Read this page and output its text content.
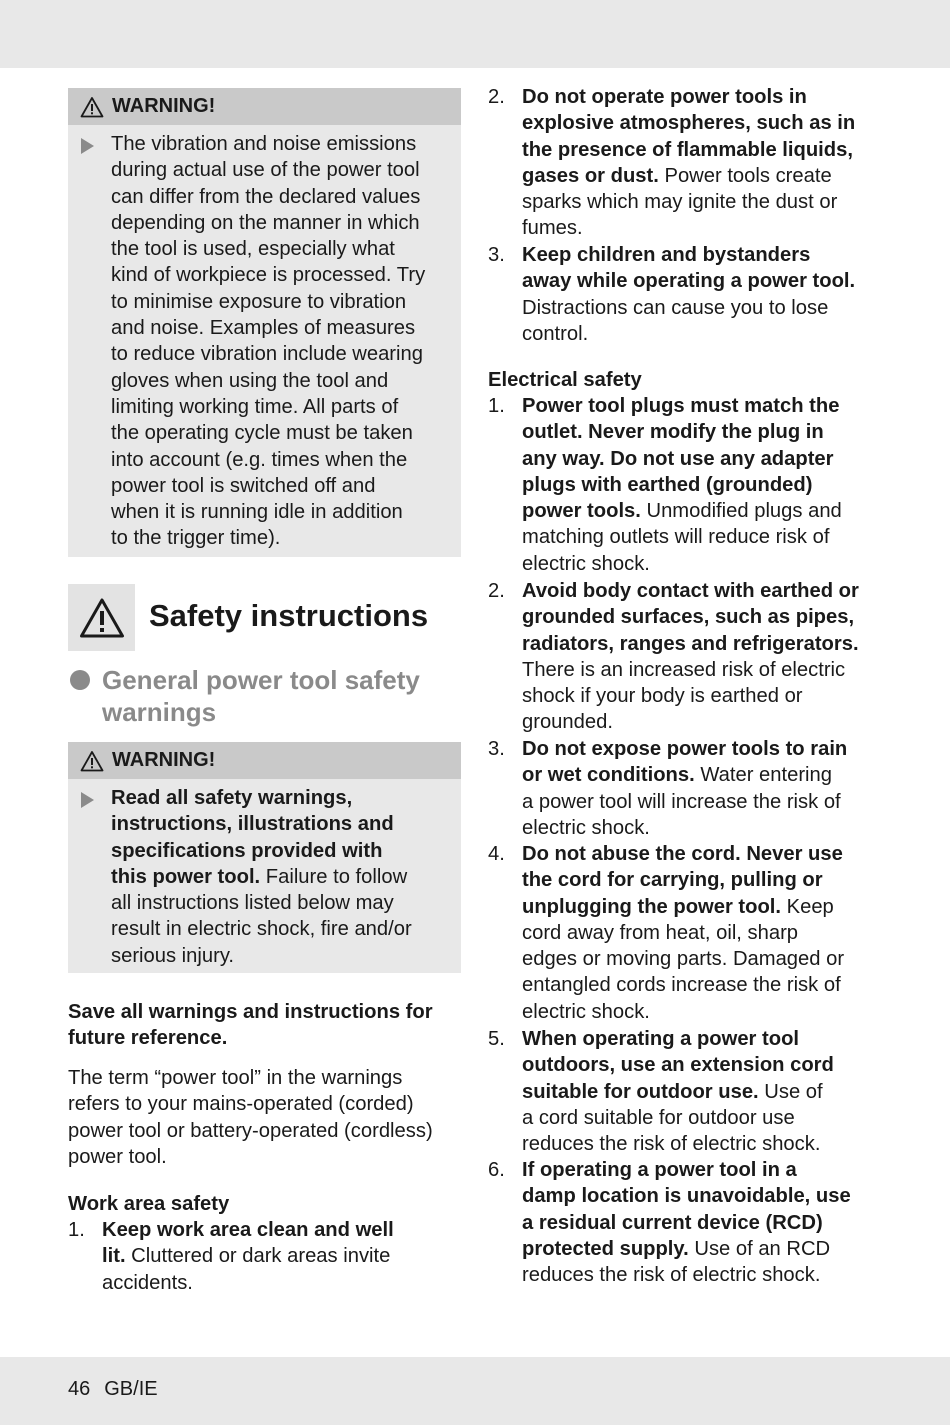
WARNING!
The vibration and noise emissions
during actual use of the power tool
can differ from the declared values
depending on the manner in which
the tool is used, especially what
kind of workpiece is processed. Try
to minimise exposure to vibration
and noise. Examples of measures
to reduce vibration include wearing
gloves when using the tool and
limiting working time. All parts of
the operating cycle must be taken
into account (e.g. times when the
power tool is switched off and
when it is running idle in addition
to the trigger time).
Safety instructions
General power tool safety
warnings
WARNING!
Read all safety warnings,
instructions, illustrations and
specifications provided with
this power tool. Failure to follow
all instructions listed below may
result in electric shock, fire and/or
serious injury.
Save all warnings and instructions for
future reference.
The term “power tool” in the warnings
refers to your mains-operated (corded)
power tool or battery-operated (cordless)
power tool.
Work area safety
1. Keep work area clean and well
lit. Cluttered or dark areas invite
accidents.
2. Do not operate power tools in
explosive atmospheres, such as in
the presence of flammable liquids,
gases or dust. Power tools create
sparks which may ignite the dust or
fumes.
3. Keep children and bystanders
away while operating a power tool.
Distractions can cause you to lose
control.
Electrical safety
1. Power tool plugs must match the
outlet. Never modify the plug in
any way. Do not use any adapter
plugs with earthed (grounded)
power tools. Unmodified plugs and
matching outlets will reduce risk of
electric shock.
2. Avoid body contact with earthed or
grounded surfaces, such as pipes,
radiators, ranges and refrigerators.
There is an increased risk of electric
shock if your body is earthed or
grounded.
3. Do not expose power tools to rain
or wet conditions. Water entering
a power tool will increase the risk of
electric shock.
4. Do not abuse the cord. Never use
the cord for carrying, pulling or
unplugging the power tool. Keep
cord away from heat, oil, sharp
edges or moving parts. Damaged or
entangled cords increase the risk of
electric shock.
5. When operating a power tool
outdoors, use an extension cord
suitable for outdoor use. Use of
a cord suitable for outdoor use
reduces the risk of electric shock.
6. If operating a power tool in a
damp location is unavoidable, use
a residual current device (RCD)
protected supply. Use of an RCD
reduces the risk of electric shock.
46 GB/IE
